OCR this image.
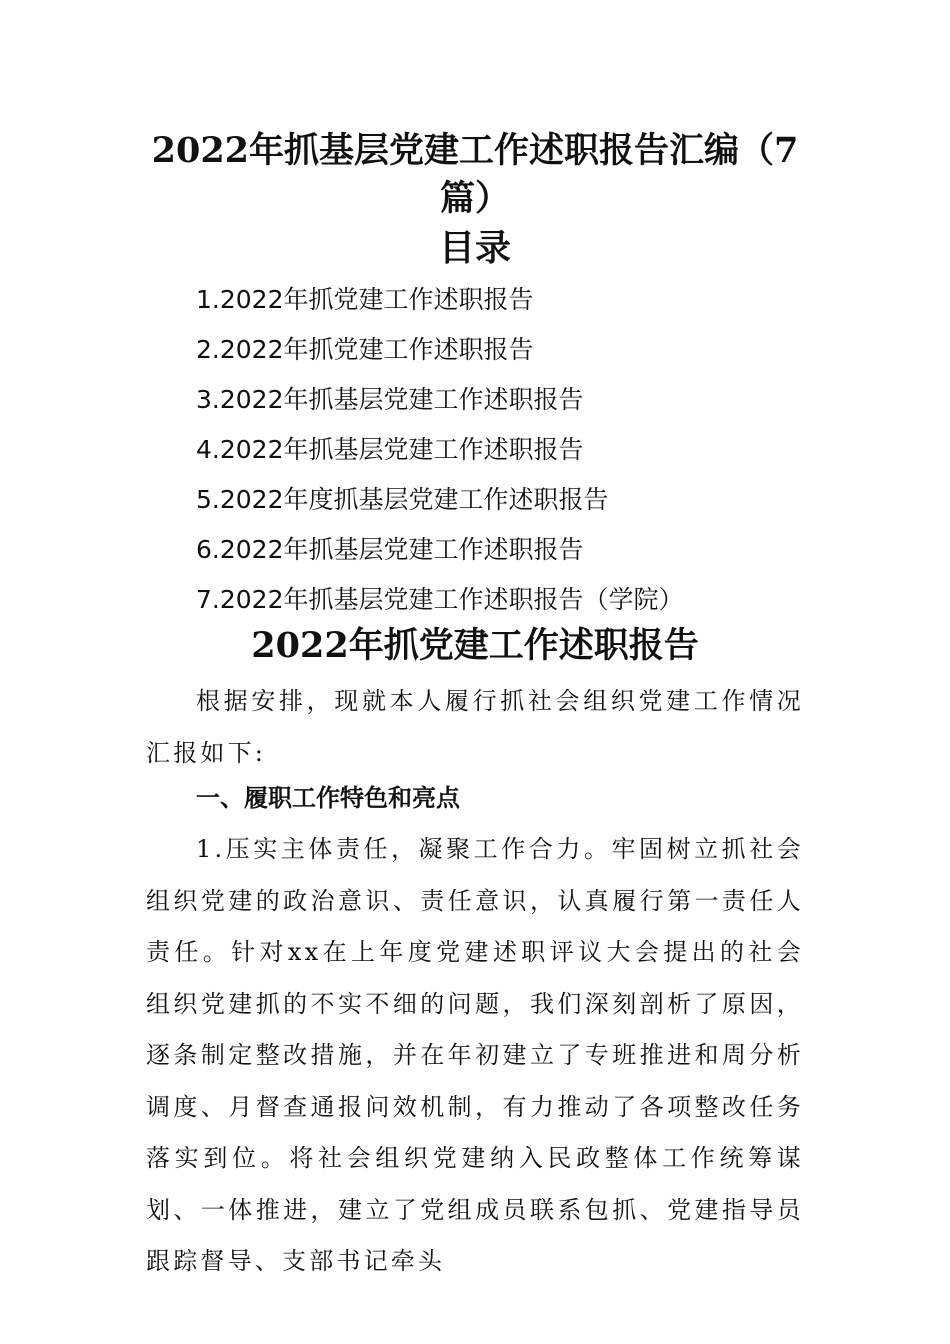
2022年抓基层党建工作述职报告汇编（7篇）
目录
1.2022年抓党建工作述职报告
2.2022年抓党建工作述职报告
3.2022年抓基层党建工作述职报告
4.2022年抓基层党建工作述职报告
5.2022年度抓基层党建工作述职报告
6.2022年抓基层党建工作述职报告
7.2022年抓基层党建工作述职报告（学院）
2022年抓党建工作述职报告

根据安排，现就本人履行抓社会组织党建工作情况汇报如下:

一、履职工作特色和亮点

1.压实主体责任，凝聚工作合力。牢固树立抓社会组织党建的政治意识、责任意识，认真履行第一责任人责任。针对xx在上年度党建述职评议大会提出的社会组织党建抓的不实不细的问题，我们深刻剖析了原因，逐条制定整改措施，并在年初建立了专班推进和周分析调度、月督查通报问效机制，有力推动了各项整改任务落实到位。将社会组织党建纳入民政整体工作统筹谋划、一体推进，建立了党组成员联系包抓、党建指导员跟踪督导、支部书记牵头
